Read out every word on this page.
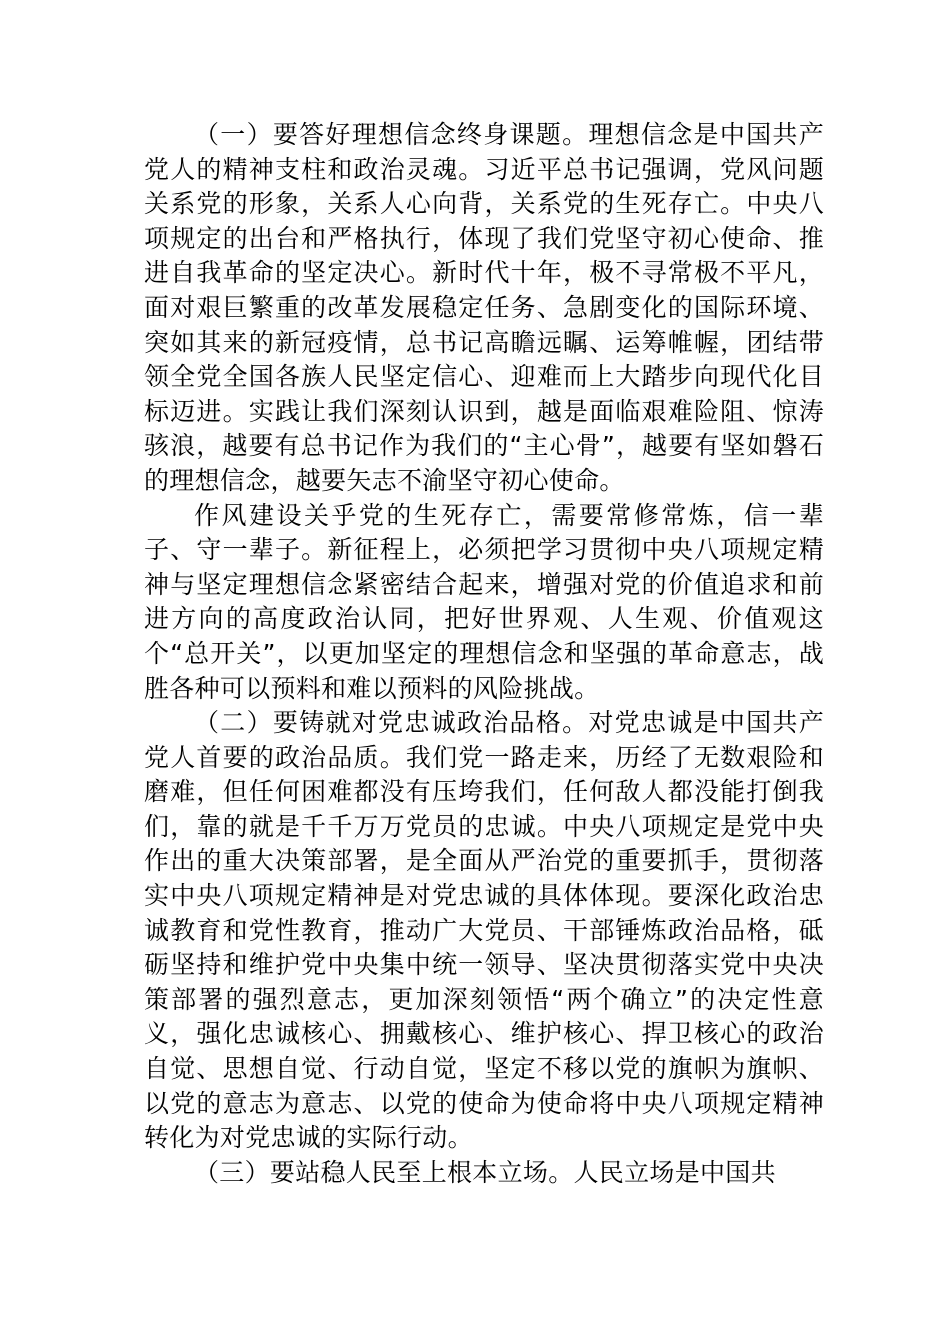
（一）要答好理想信念终身课题。理想信念是中国共产党人的精神支柱和政治灵魂。习近平总书记强调，党风问题关系党的形象，关系人心向背，关系党的生死存亡。中央八项规定的出台和严格执行，体现了我们党坚守初心使命、推进自我革命的坚定决心。新时代十年，极不寻常极不平凡，面对艰巨繁重的改革发展稳定任务、急剧变化的国际环境、突如其来的新冠疫情，总书记高瞻远瞩、运筹帷幄，团结带领全党全国各族人民坚定信心、迎难而上大踏步向现代化目标迈进。实践让我们深刻认识到，越是面临艰难险阻、惊涛骇浪，越要有总书记作为我们的“主心骨”，越要有坚如磐石的理想信念，越要矢志不渝坚守初心使命。

作风建设关乎党的生死存亡，需要常修常炼，信一辈子、守一辈子。新征程上，必须把学习贯彻中央八项规定精神与坚定理想信念紧密结合起来，增强对党的价值追求和前进方向的高度政治认同，把好世界观、人生观、价值观这个“总开关”，以更加坚定的理想信念和坚强的革命意志，战胜各种可以预料和难以预料的风险挑战。

（二）要铸就对党忠诚政治品格。对党忠诚是中国共产党人首要的政治品质。我们党一路走来，历经了无数艰险和磨难，但任何困难都没有压垮我们，任何敌人都没能打倒我们，靠的就是千千万万党员的忠诚。中央八项规定是党中央作出的重大决策部署，是全面从严治党的重要抓手，贯彻落实中央八项规定精神是对党忠诚的具体体现。要深化政治忠诚教育和党性教育，推动广大党员、干部锤炼政治品格，砥砺坚持和维护党中央集中统一领导、坚决贯彻落实党中央决策部署的强烈意志，更加深刻领悟“两个确立”的决定性意义，强化忠诚核心、拥戴核心、维护核心、捍卫核心的政治自觉、思想自觉、行动自觉，坚定不移以党的旗帜为旗帜、以党的意志为意志、以党的使命为使命将中央八项规定精神转化为对党忠诚的实际行动。

（三）要站稳人民至上根本立场。人民立场是中国共
